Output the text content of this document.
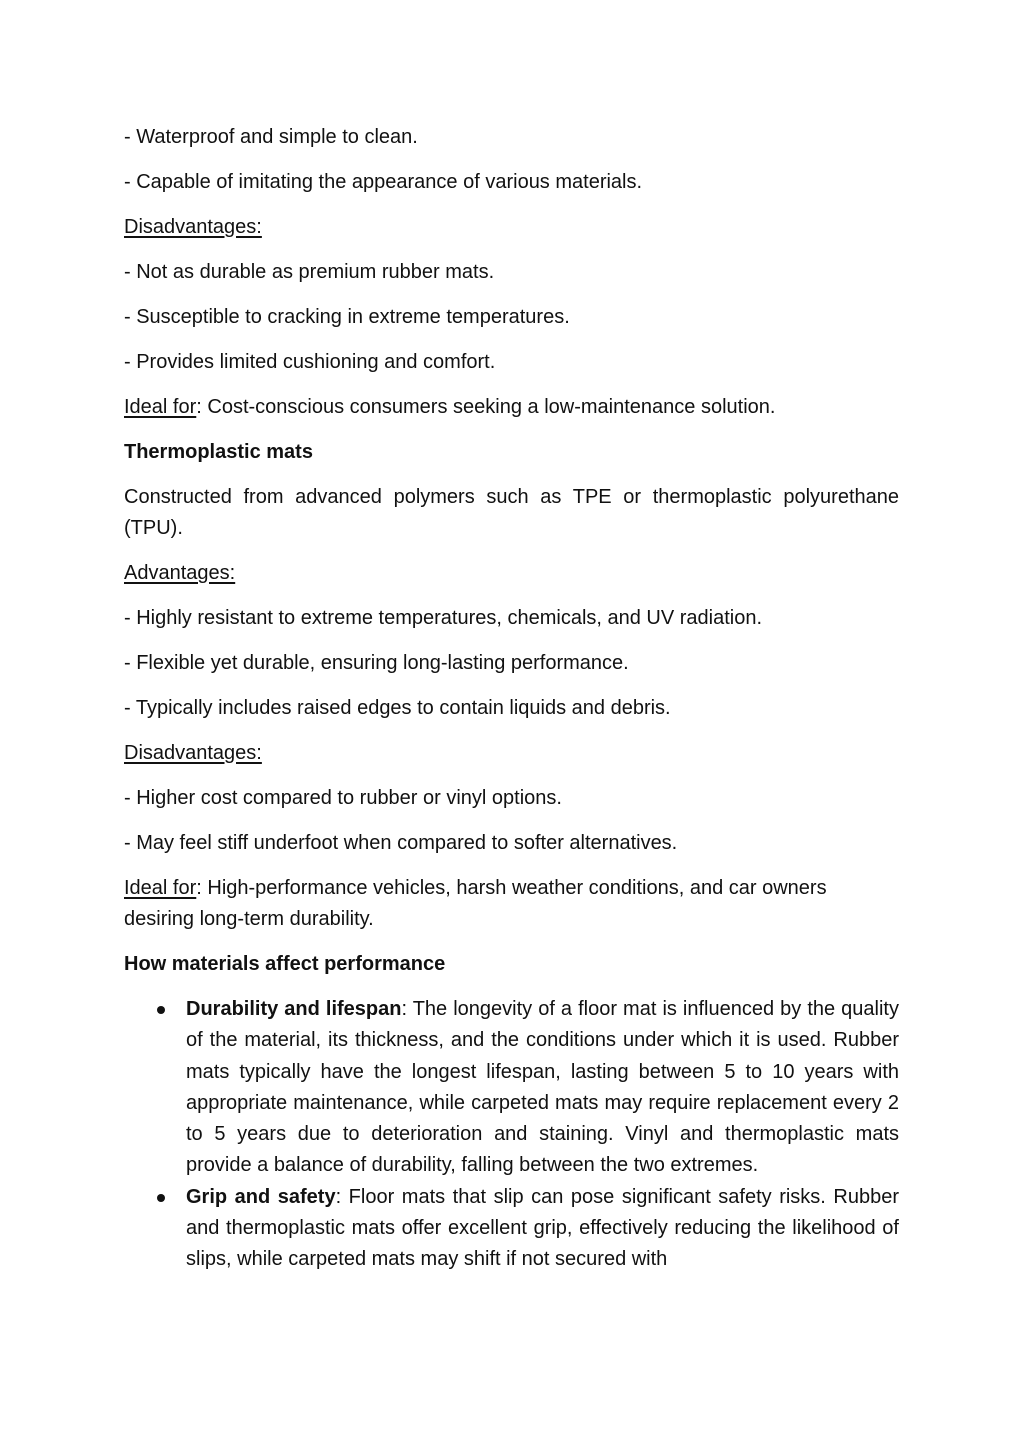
- Waterproof and simple to clean.

- Capable of imitating the appearance of various materials.

Disadvantages:

- Not as durable as premium rubber mats.

- Susceptible to cracking in extreme temperatures.

- Provides limited cushioning and comfort.

Ideal for: Cost-conscious consumers seeking a low-maintenance solution.

Thermoplastic mats

Constructed from advanced polymers such as TPE or thermoplastic polyurethane (TPU).

Advantages:

- Highly resistant to extreme temperatures, chemicals, and UV radiation.

- Flexible yet durable, ensuring long-lasting performance.

- Typically includes raised edges to contain liquids and debris.

Disadvantages:

- Higher cost compared to rubber or vinyl options.

- May feel stiff underfoot when compared to softer alternatives.

Ideal for: High-performance vehicles, harsh weather conditions, and car owners desiring long-term durability.

How materials affect performance

Durability and lifespan: The longevity of a floor mat is influenced by the quality of the material, its thickness, and the conditions under which it is used. Rubber mats typically have the longest lifespan, lasting between 5 to 10 years with appropriate maintenance, while carpeted mats may require replacement every 2 to 5 years due to deterioration and staining. Vinyl and thermoplastic mats provide a balance of durability, falling between the two extremes.
Grip and safety: Floor mats that slip can pose significant safety risks. Rubber and thermoplastic mats offer excellent grip, effectively reducing the likelihood of slips, while carpeted mats may shift if not secured with
